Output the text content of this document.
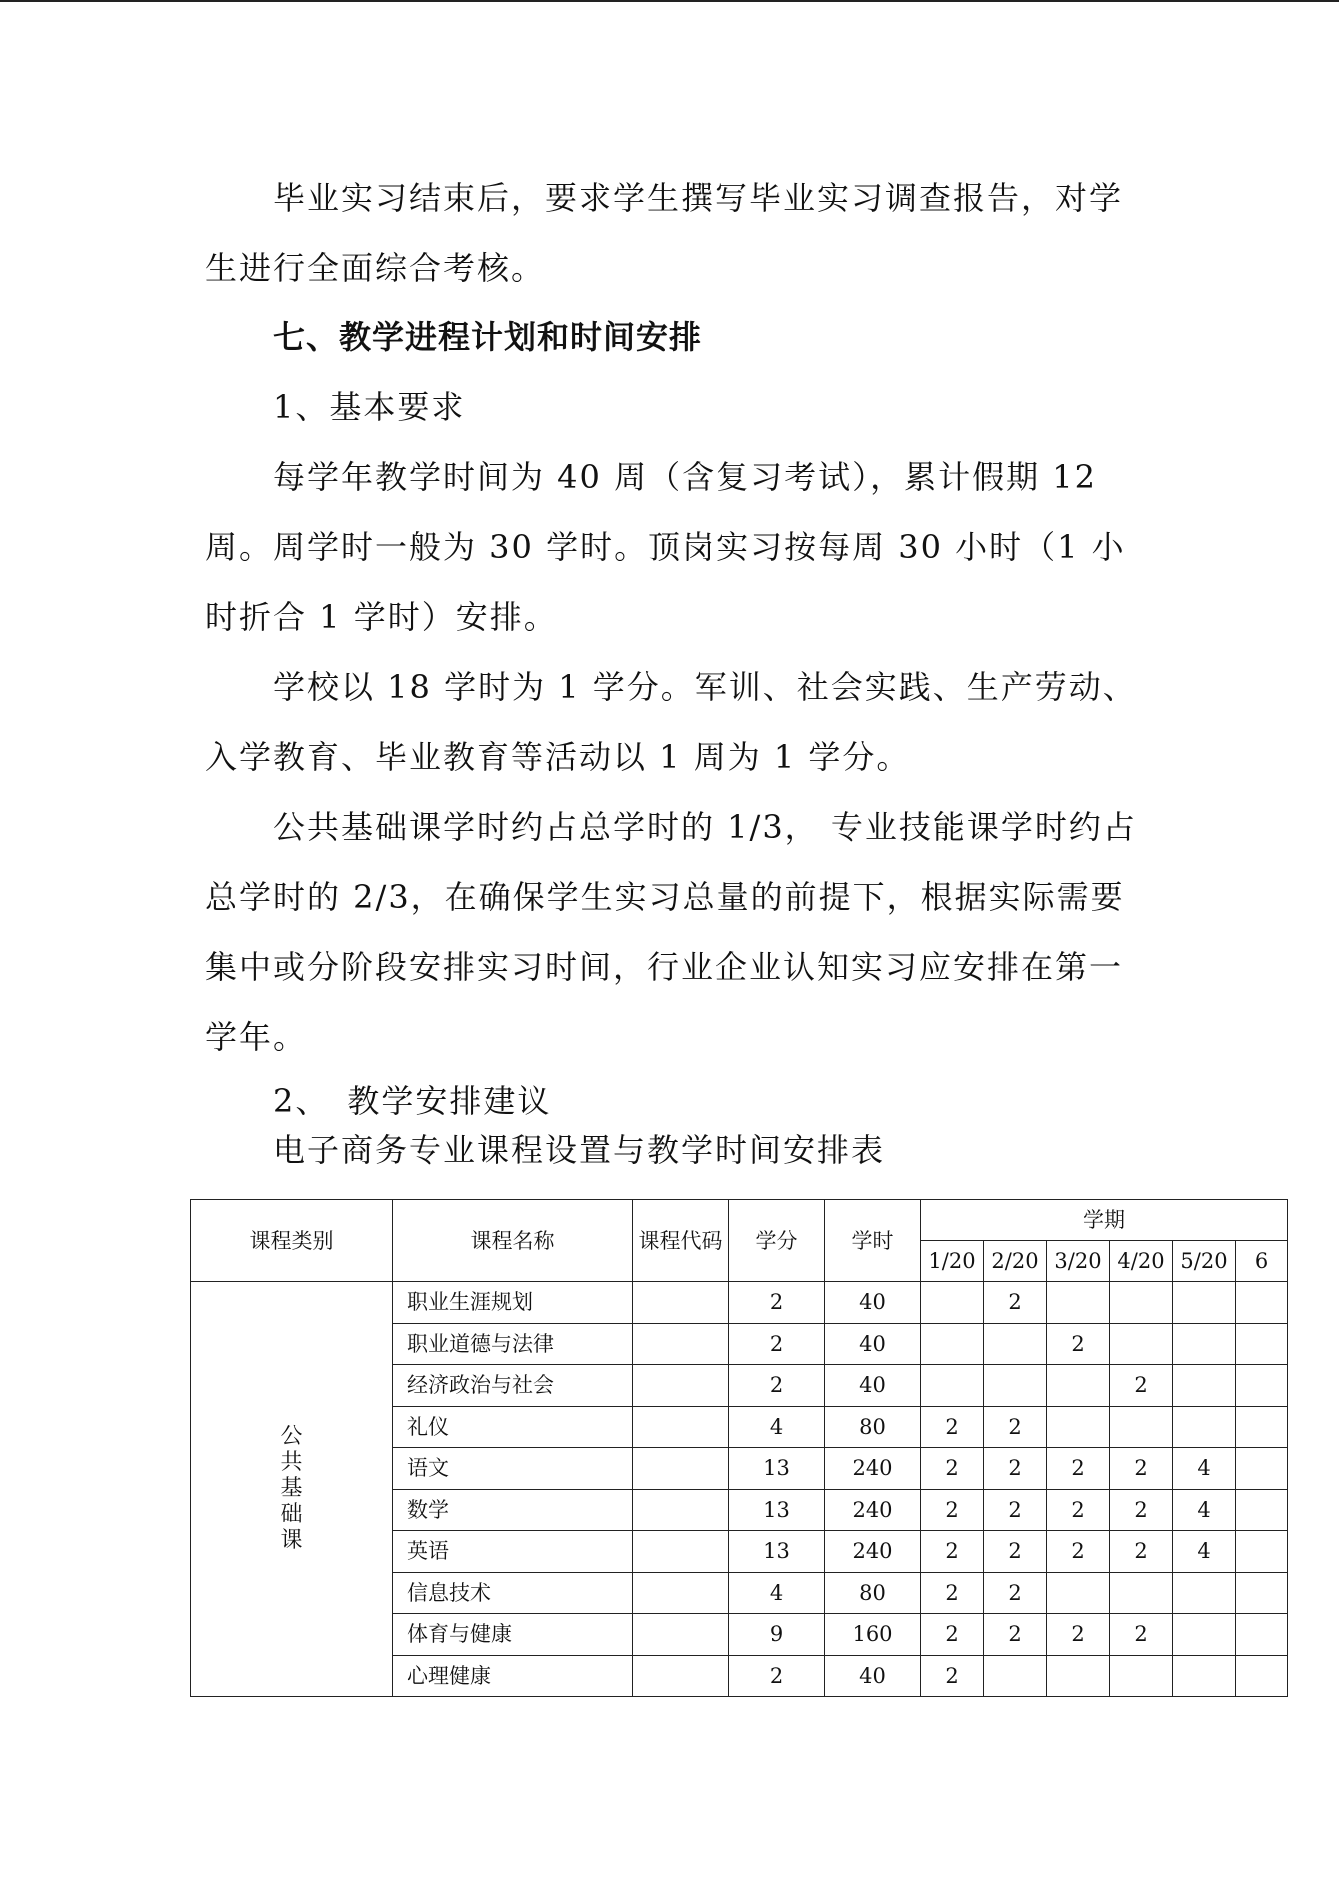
毕业实习结束后，要求学生撰写毕业实习调查报告，对学生进行全面综合考核。

七、教学进程计划和时间安排

1、基本要求

每学年教学时间为 40 周（含复习考试），累计假期 12 周。周学时一般为 30 学时。顶岗实习按每周 30 小时（1 小时折合 1 学时）安排。

学校以 18 学时为 1 学分。军训、社会实践、生产劳动、入学教育、毕业教育等活动以 1 周为 1 学分。

公共基础课学时约占总学时的 1/3， 专业技能课学时约占总学时的 2/3，在确保学生实习总量的前提下，根据实际需要集中或分阶段安排实习时间，行业企业认知实习应安排在第一学年。

2、　教学安排建议

电子商务专业课程设置与教学时间安排表

课程类别	课程名称	课程代码	学分	学时	学期					
					1/20	2/20	3/20	4/20	5/20	6
公共基础课	职业生涯规划		2	40		2				
	职业道德与法律		2	40			2			
	经济政治与社会		2	40				2		
	礼仪		4	80	2	2				
	语文		13	240	2	2	2	2	4	
	数学		13	240	2	2	2	2	4	
	英语		13	240	2	2	2	2	4	
	信息技术		4	80	2	2				
	体育与健康		9	160	2	2	2	2		
	心理健康		2	40	2					
